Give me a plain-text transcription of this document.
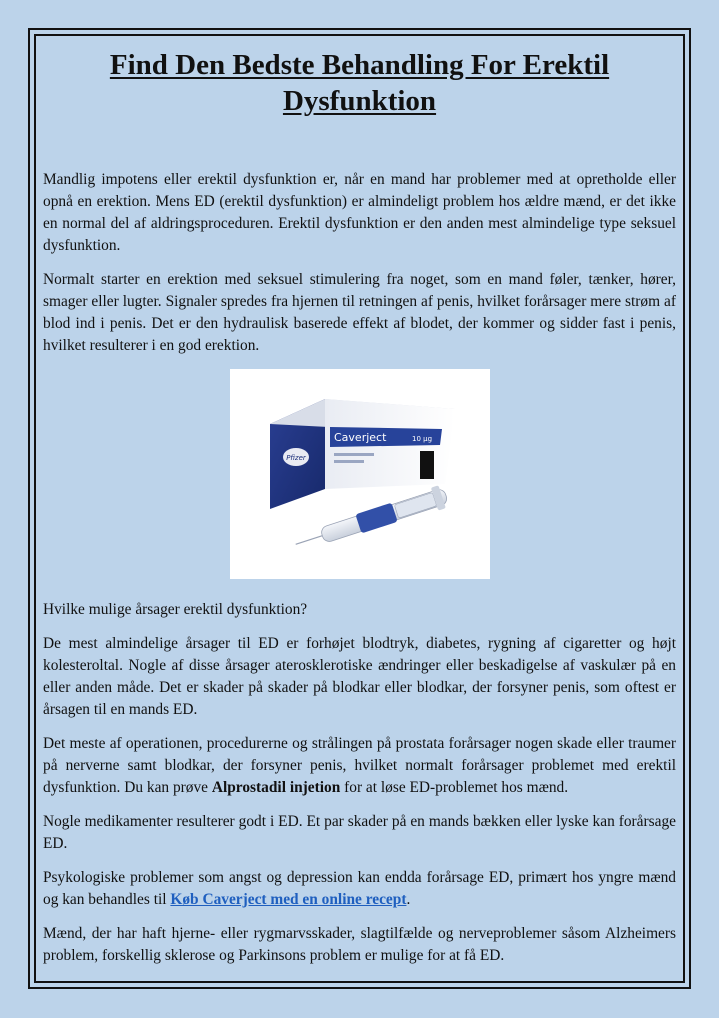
Find Den Bedste Behandling For Erektil Dysfunktion

Mandlig impotens eller erektil dysfunktion er, når en mand har problemer med at opretholde eller opnå en erektion. Mens ED (erektil dysfunktion) er almindeligt problem hos ældre mænd, er det ikke en normal del af aldringsproceduren. Erektil dysfunktion er den anden mest almindelige type seksuel dysfunktion.

Normalt starter en erektion med seksuel stimulering fra noget, som en mand føler, tænker, hører, smager eller lugter. Signaler spredes fra hjernen til retningen af penis, hvilket forårsager mere strøm af blod ind i penis. Det er den hydraulisk baserede effekt af blodet, der kommer og sidder fast i penis, hvilket resulterer i en god erektion.

Pfizer
Caverject	10 µg

Hvilke mulige årsager erektil dysfunktion?

De mest almindelige årsager til ED er forhøjet blodtryk, diabetes, rygning af cigaretter og højt kolesteroltal. Nogle af disse årsager aterosklerotiske ændringer eller beskadigelse af vaskulær på en eller anden måde. Det er skader på skader på blodkar eller blodkar, der forsyner penis, som oftest er årsagen til en mands ED.

Det meste af operationen, procedurerne og strålingen på prostata forårsager nogen skade eller traumer på nerverne samt blodkar, der forsyner penis, hvilket normalt forårsager problemet med erektil dysfunktion. Du kan prøve Alprostadil injetion for at løse ED-problemet hos mænd.

Nogle medikamenter resulterer godt i ED. Et par skader på en mands bækken eller lyske kan forårsage ED.

Psykologiske problemer som angst og depression kan endda forårsage ED, primært hos yngre mænd og kan behandles til Køb Caverject med en online recept.

Mænd, der har haft hjerne- eller rygmarvsskader, slagtilfælde og nerveproblemer såsom Alzheimers problem, forskellig sklerose og Parkinsons problem er mulige for at få ED.
